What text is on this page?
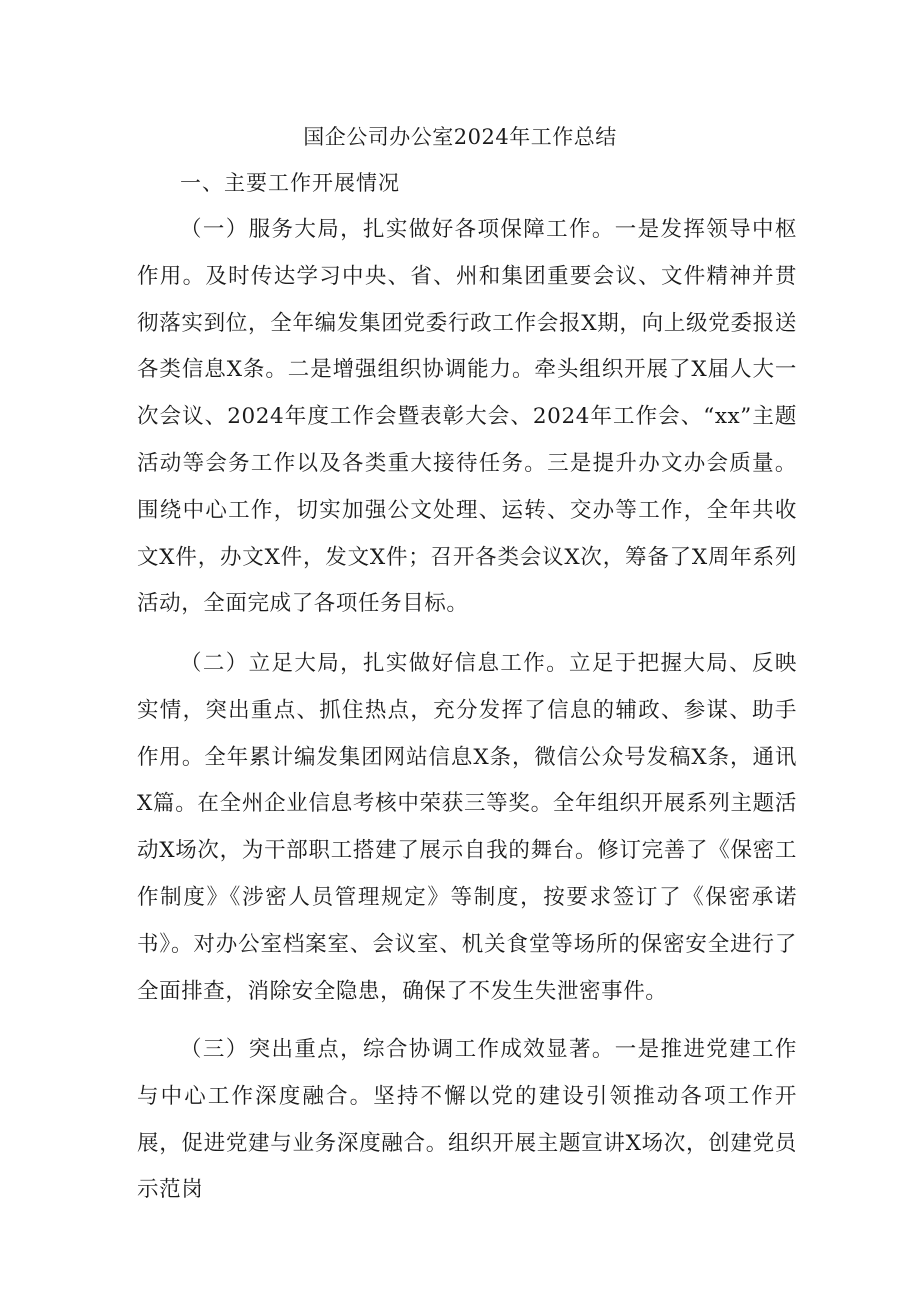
国企公司办公室2024年工作总结
一、主要工作开展情况

（一）服务大局，扎实做好各项保障工作。一是发挥领导中枢作用。及时传达学习中央、省、州和集团重要会议、文件精神并贯彻落实到位，全年编发集团党委行政工作会报X期，向上级党委报送各类信息X条。二是增强组织协调能力。牵头组织开展了X届人大一次会议、2024年度工作会暨表彰大会、2024年工作会、“xx”主题活动等会务工作以及各类重大接待任务。三是提升办文办会质量。围绕中心工作，切实加强公文处理、运转、交办等工作，全年共收文X件，办文X件，发文X件；召开各类会议X次，筹备了X周年系列活动，全面完成了各项任务目标。

（二）立足大局，扎实做好信息工作。立足于把握大局、反映实情，突出重点、抓住热点，充分发挥了信息的辅政、参谋、助手作用。全年累计编发集团网站信息X条，微信公众号发稿X条，通讯X篇。在全州企业信息考核中荣获三等奖。全年组织开展系列主题活动X场次，为干部职工搭建了展示自我的舞台。修订完善了《保密工作制度》《涉密人员管理规定》等制度，按要求签订了《保密承诺书》。对办公室档案室、会议室、机关食堂等场所的保密安全进行了全面排查，消除安全隐患，确保了不发生失泄密事件。

（三）突出重点，综合协调工作成效显著。一是推进党建工作与中心工作深度融合。坚持不懈以党的建设引领推动各项工作开展，促进党建与业务深度融合。组织开展主题宣讲X场次，创建党员示范岗
